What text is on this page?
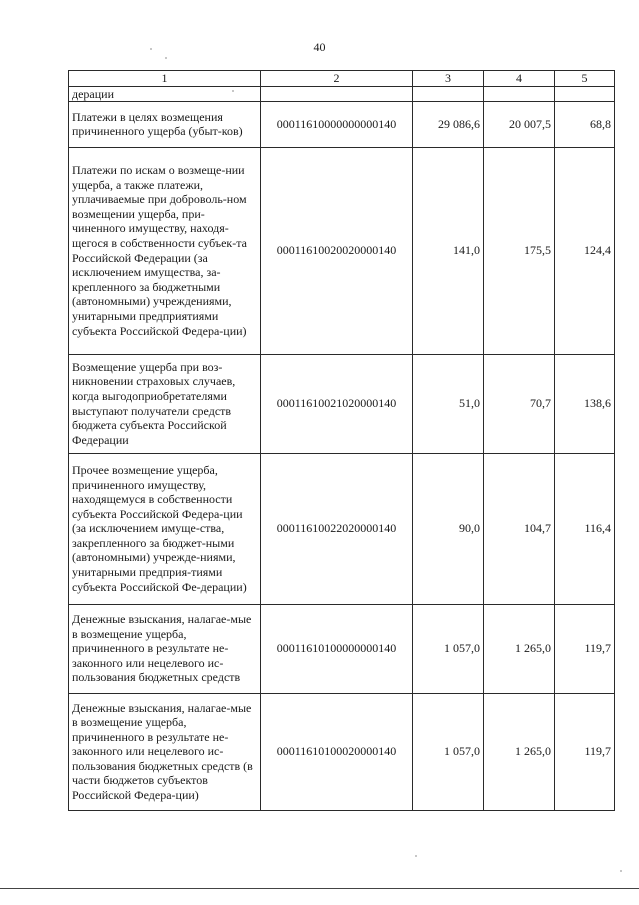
40
1	2	3	4	5
дерации				
Платежи в целях возмещения причиненного ущерба (убыт-ков)	00011610000000000140	29 086,6	20 007,5	68,8
Платежи по искам о возмеще-нии ущерба, а также платежи, уплачиваемые при доброволь-ном возмещении ущерба, при-чиненного имуществу, находя-щегося в собственности субъек-та Российской Федерации (за исключением имущества, за-крепленного за бюджетными (автономными) учреждениями, унитарными предприятиями субъекта Российской Федера-ции)	00011610020020000140	141,0	175,5	124,4
Возмещение ущерба при воз-никновении страховых случаев, когда выгодоприобретателями выступают получатели средств бюджета субъекта Российской Федерации	00011610021020000140	51,0	70,7	138,6
Прочее возмещение ущерба, причиненного имуществу, находящемуся в собственности субъекта Российской Федера-ции (за исключением имуще-ства, закрепленного за бюджет-ными (автономными) учрежде-ниями, унитарными предприя-тиями субъекта Российской Фе-дерации)	00011610022020000140	90,0	104,7	116,4
Денежные взыскания, налагае-мые в возмещение ущерба, причиненного в результате не-законного или нецелевого ис-пользования бюджетных средств	00011610100000000140	1 057,0	1 265,0	119,7
Денежные взыскания, налагае-мые в возмещение ущерба, причиненного в результате не-законного или нецелевого ис-пользования бюджетных средств (в части бюджетов субъектов Российской Федера-ции)	00011610100020000140	1 057,0	1 265,0	119,7
